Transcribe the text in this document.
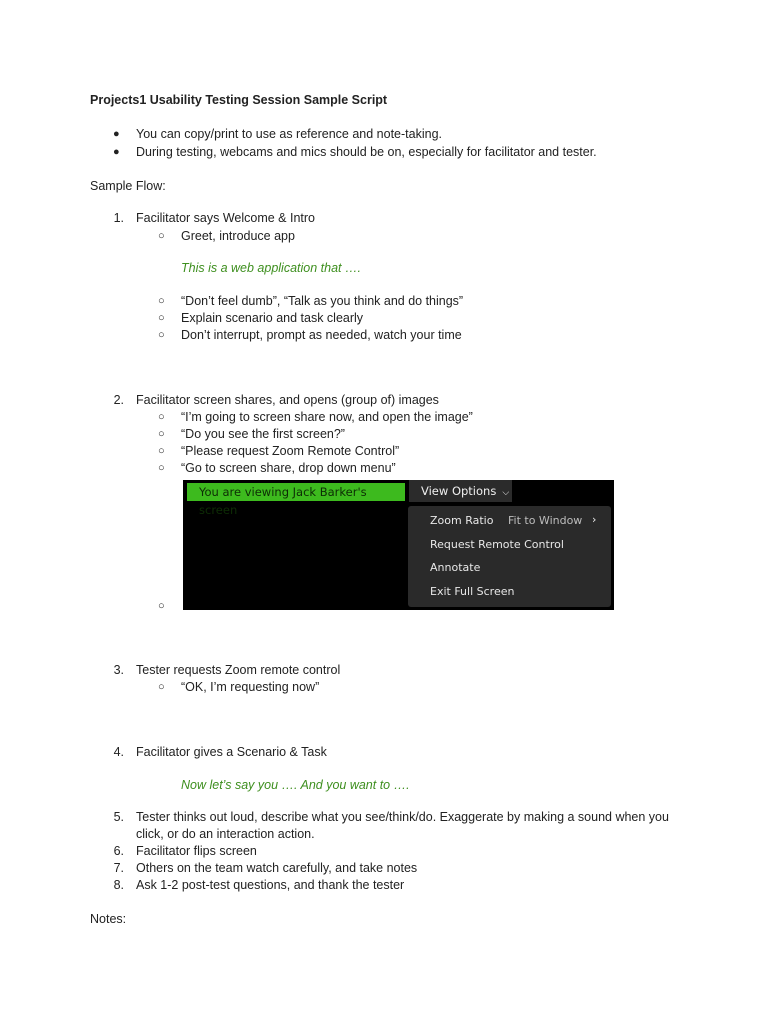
Projects1 Usability Testing Session Sample Script
● You can copy/print to use as reference and note-taking.
● During testing, webcams and mics should be on, especially for facilitator and tester.
Sample Flow:
1. Facilitator says Welcome & Intro
○ Greet, introduce app
This is a web application that ….
○ “Don’t feel dumb”, “Talk as you think and do things”
○ Explain scenario and task clearly
○ Don’t interrupt, prompt as needed, watch your time
2. Facilitator screen shares, and opens (group of) images
○ “I’m going to screen share now, and open the image”
○ “Do you see the first screen?”
○ “Please request Zoom Remote Control”
○ “Go to screen share, drop down menu”
You are viewing Jack Barker's screen
View Options ⌵
Zoom Ratio Fit to Window ›
Request Remote Control
Annotate
Exit Full Screen
○
3. Tester requests Zoom remote control
○ “OK, I’m requesting now”
4. Facilitator gives a Scenario & Task
Now let’s say you …. And you want to ….
5. Tester thinks out loud, describe what you see/think/do. Exaggerate by making a sound when you
click, or do an interaction action.
6. Facilitator flips screen
7. Others on the team watch carefully, and take notes
8. Ask 1-2 post-test questions, and thank the tester
Notes:
